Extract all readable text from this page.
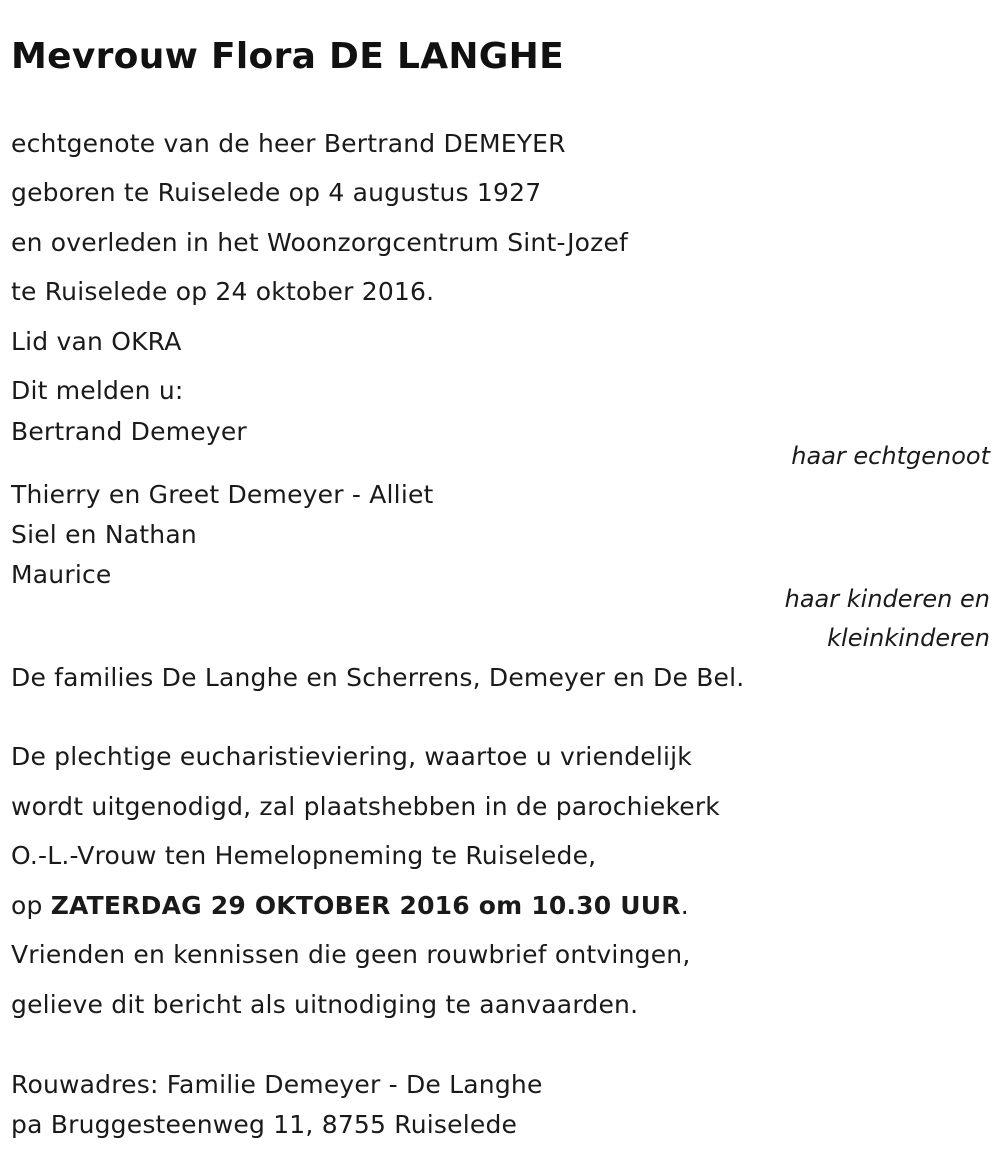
Mevrouw Flora DE LANGHE
echtgenote van de heer Bertrand DEMEYER
geboren te Ruiselede op 4 augustus 1927
en overleden in het Woonzorgcentrum Sint-Jozef
te Ruiselede op 24 oktober 2016.
Lid van OKRA
Dit melden u:
Bertrand Demeyer
haar echtgenoot
Thierry en Greet Demeyer - Alliet
Siel en Nathan
Maurice
haar kinderen en
kleinkinderen
De families De Langhe en Scherrens, Demeyer en De Bel.
De plechtige eucharistieviering, waartoe u vriendelijk
wordt uitgenodigd, zal plaatshebben in de parochiekerk
O.-L.-Vrouw ten Hemelopneming te Ruiselede,
op ZATERDAG 29 OKTOBER 2016 om 10.30 UUR.
Vrienden en kennissen die geen rouwbrief ontvingen,
gelieve dit bericht als uitnodiging te aanvaarden.
Rouwadres: Familie Demeyer - De Langhe
pa Bruggesteenweg 11, 8755 Ruiselede
